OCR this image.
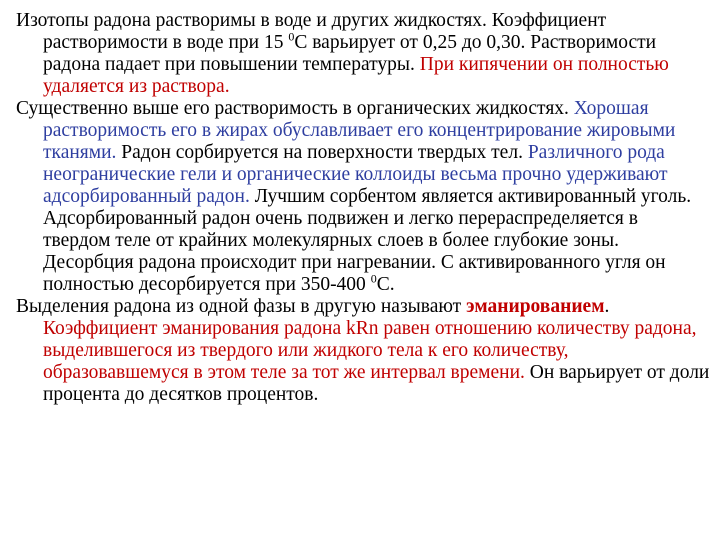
Изотопы радона растворимы в воде и других жидкостях. Коэффициент растворимости в воде при 15 $^0$С варьирует от 0,25 до 0,30. Растворимости радона падает при повышении температуры. При кипячении он полностью удаляется из раствора.

Существенно выше его растворимость в органических жидкостях. Хорошая растворимость его в жирах обуславливает его концентрирование жировыми тканями. Радон сорбируется на поверхности твердых тел. Различного рода неограническиe гели и органические коллоиды весьма прочно удерживают адсорбированный радон. Лучшим сорбентом является активированный уголь. Адсорбированный радон очень подвижен и легко перераспределяется в твердом теле от крайних молекулярных слоев в более глубокие зоны. Десорбция радона происходит при нагревании. С активированного угля он полностью десорбируется при 350-400 $^0$С.

Выделения радона из одной фазы в другую называют эманированием. Коэффициент эманирования радона kRn равен отношению количеству радона, выделившегося из твердого или жидкого тела к его количеству, образовавшемуся в этом теле за тот же интервал времени. Он варьирует от доли процента до десятков процентов.
